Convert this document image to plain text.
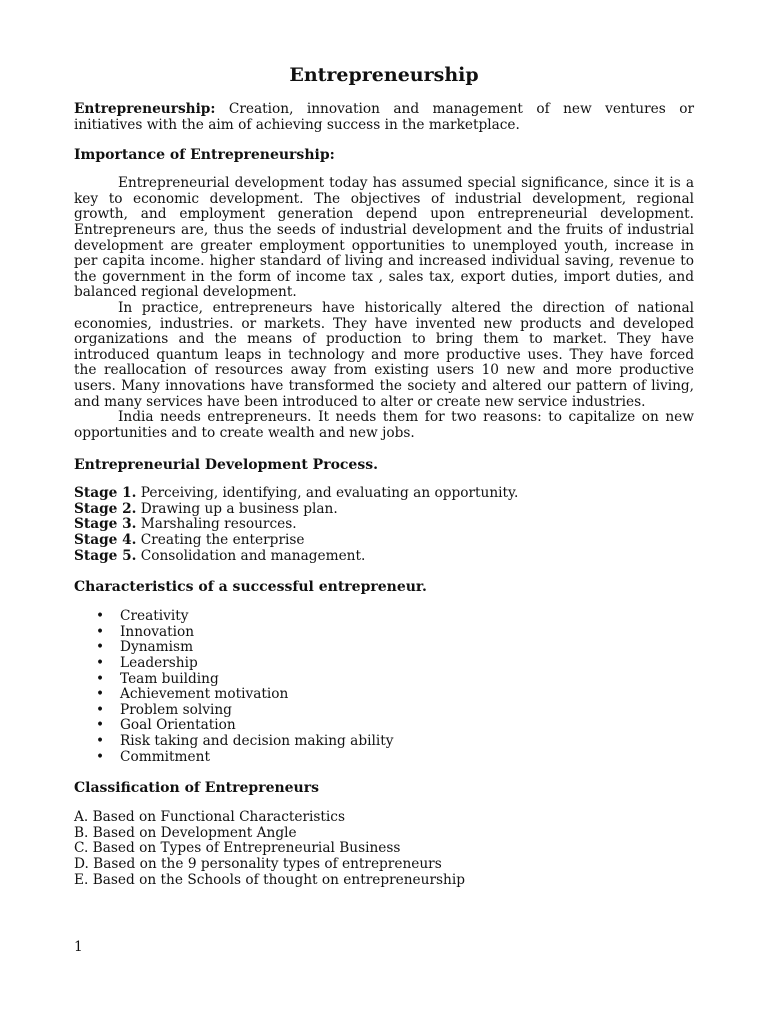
Entrepreneurship

Entrepreneurship: Creation, innovation and management of new ventures or initiatives with the aim of achieving success in the marketplace.

Importance of Entrepreneurship:

Entrepreneurial development today has assumed special significance, since it is a key to economic development. The objectives of industrial development, regional growth, and employment generation depend upon entrepreneurial development. Entrepreneurs are, thus the seeds of industrial development and the fruits of industrial development are greater employment opportunities to unemployed youth, increase in per capita income. higher standard of living and increased individual saving, revenue to the government in the form of income tax , sales tax, export duties, import duties, and balanced regional development.

In practice, entrepreneurs have historically altered the direction of national economies, industries. or markets. They have invented new products and developed organizations and the means of production to bring them to market. They have introduced quantum leaps in technology and more productive uses. They have forced the reallocation of resources away from existing users 10 new and more productive users. Many innovations have transformed the society and altered our pattern of living, and many services have been introduced to alter or create new service industries.

India needs entrepreneurs. It needs them for two reasons: to capitalize on new opportunities and to create wealth and new jobs.

Entrepreneurial Development Process.
Stage 1. Perceiving, identifying, and evaluating an opportunity.
Stage 2. Drawing up a business plan.
Stage 3. Marshaling resources.
Stage 4. Creating the enterprise
Stage 5. Consolidation and management.
Characteristics of a successful entrepreneur.
• Creativity
• Innovation
• Dynamism
• Leadership
• Team building
• Achievement motivation
• Problem solving
• Goal Orientation
• Risk taking and decision making ability
• Commitment
Classification of Entrepreneurs
A. Based on Functional Characteristics
B. Based on Development Angle
C. Based on Types of Entrepreneurial Business
D. Based on the 9 personality types of entrepreneurs
E. Based on the Schools of thought on entrepreneurship
1
